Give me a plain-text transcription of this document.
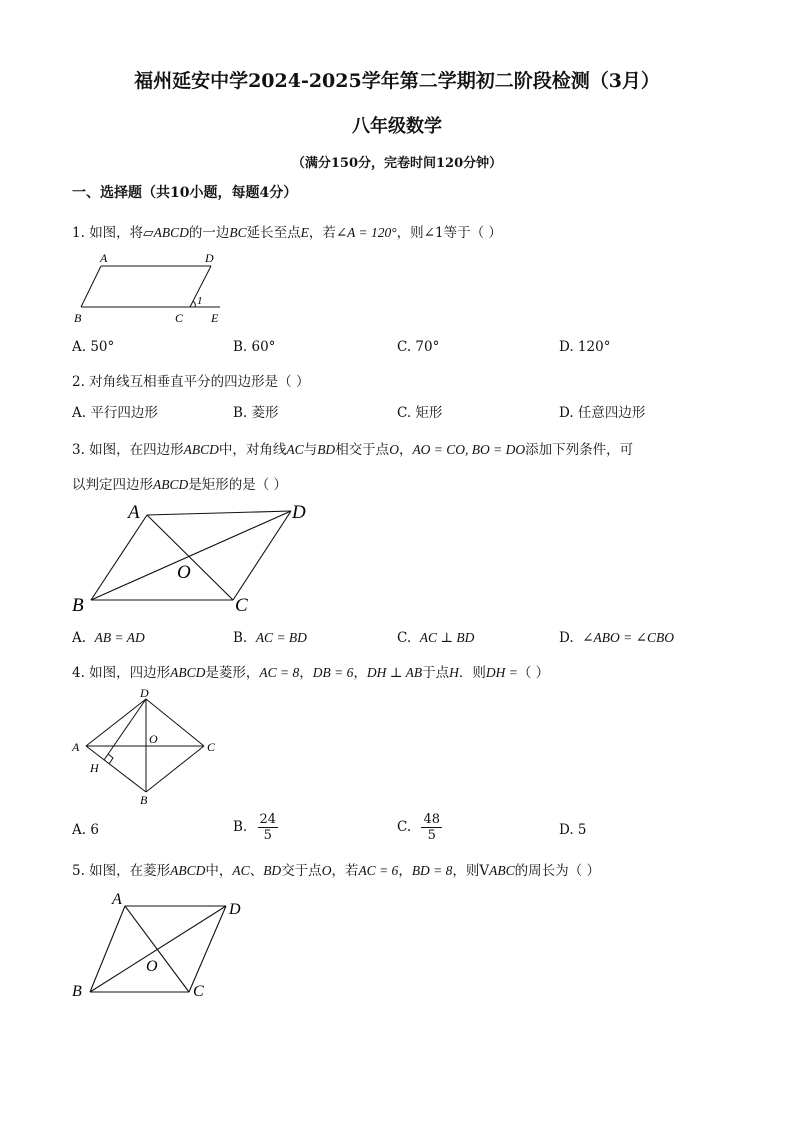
福州延安中学2024-2025学年第二学期初二阶段检测（3月）
八年级数学
（满分150分，完卷时间120分钟）
一、选择题（共10小题，每题4分）
1. 如图，将▱ABCD的一边BC延长至点E，若∠A = 120°，则∠1等于（ ）
A	D
B	C E
1
A. 50°	B. 60°	C. 70°	D. 120°
2. 对角线互相垂直平分的四边形是（ ）
A. 平行四边形	B. 菱形	C. 矩形	D. 任意四边形
3. 如图，在四边形ABCD中，对角线AC与BD相交于点O，AO = CO, BO = DO添加下列条件，可
以判定四边形ABCD是矩形的是（ ）
A	D
B	C
O
A. AB = AD	B. AC = BD	C. AC ⊥ BD	D. ∠ABO = ∠CBO
4. 如图，四边形ABCD是菱形，AC = 8，DB = 6，DH ⊥ AB于点H．则DH =（ ）
D
A	C
B
O
H
A. 6	B. $\frac{24}{5}$	C. $\frac{48}{5}$	D. 5
5. 如图，在菱形ABCD中，AC、BD交于点O，若AC = 6，BD = 8，则VABC的周长为（ ）
A
D
B	C
O
